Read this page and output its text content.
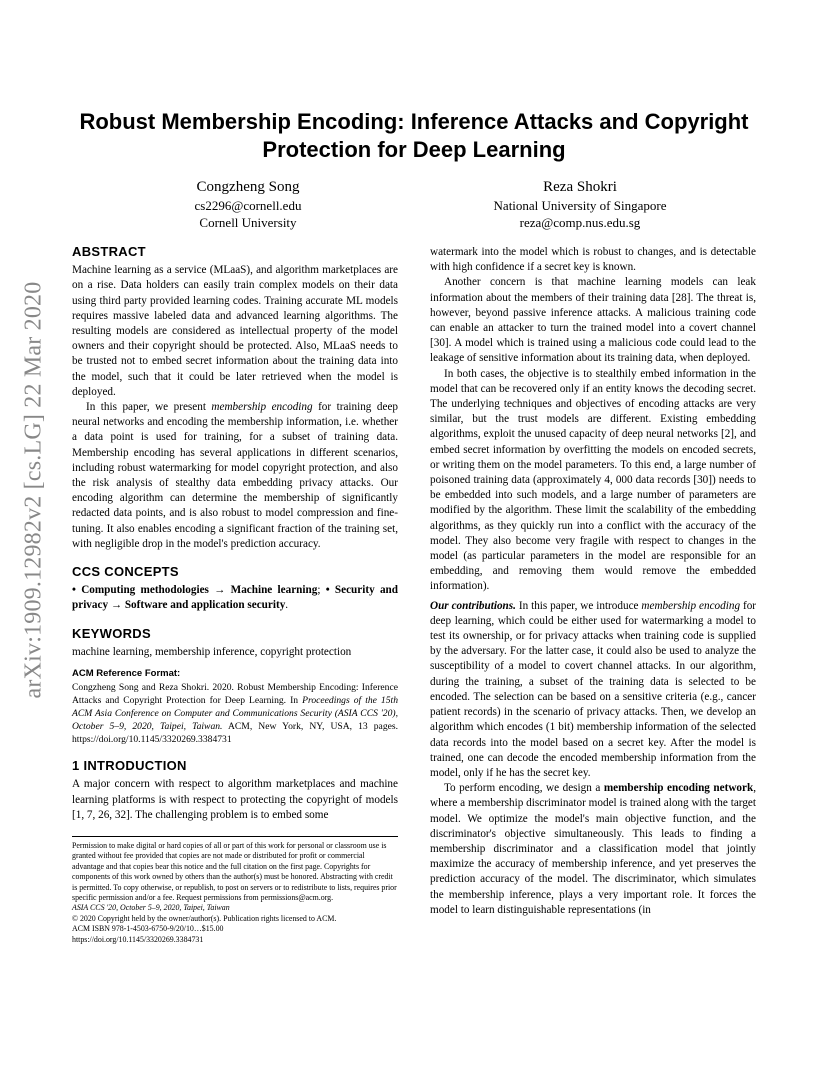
arXiv:1909.12982v2 [cs.LG] 22 Mar 2020
Robust Membership Encoding: Inference Attacks and Copyright
Protection for Deep Learning
Congzheng Song
cs2296@cornell.edu
Cornell University
Reza Shokri
National University of Singapore
reza@comp.nus.edu.sg
ABSTRACT

Machine learning as a service (MLaaS), and algorithm marketplaces are on a rise. Data holders can easily train complex models on their data using third party provided learning codes. Training accurate ML models requires massive labeled data and advanced learning algorithms. The resulting models are considered as intellectual property of the model owners and their copyright should be protected. Also, MLaaS needs to be trusted not to embed secret information about the training data into the model, such that it could be later retrieved when the model is deployed.

In this paper, we present membership encoding for training deep neural networks and encoding the membership information, i.e. whether a data point is used for training, for a subset of training data. Membership encoding has several applications in different scenarios, including robust watermarking for model copyright protection, and also the risk analysis of stealthy data embedding privacy attacks. Our encoding algorithm can determine the membership of significantly redacted data points, and is also robust to model compression and fine-tuning. It also enables encoding a significant fraction of the training set, with negligible drop in the model's prediction accuracy.

CCS CONCEPTS

• Computing methodologies → Machine learning; • Security and privacy → Software and application security.

KEYWORDS

machine learning, membership inference, copyright protection

ACM Reference Format:

Congzheng Song and Reza Shokri. 2020. Robust Membership Encoding: Inference Attacks and Copyright Protection for Deep Learning. In Proceedings of the 15th ACM Asia Conference on Computer and Communications Security (ASIA CCS '20), October 5–9, 2020, Taipei, Taiwan. ACM, New York, NY, USA, 13 pages. https://doi.org/10.1145/3320269.3384731

1 INTRODUCTION

A major concern with respect to algorithm marketplaces and machine learning platforms is with respect to protecting the copyright of models [1, 7, 26, 32]. The challenging problem is to embed some

Permission to make digital or hard copies of all or part of this work for personal or classroom use is granted without fee provided that copies are not made or distributed for profit or commercial advantage and that copies bear this notice and the full citation on the first page. Copyrights for components of this work owned by others than the author(s) must be honored. Abstracting with credit is permitted. To copy otherwise, or republish, to post on servers or to redistribute to lists, requires prior specific permission and/or a fee. Request permissions from permissions@acm.org.

ASIA CCS '20, October 5–9, 2020, Taipei, Taiwan

© 2020 Copyright held by the owner/author(s). Publication rights licensed to ACM.

ACM ISBN 978-1-4503-6750-9/20/10…$15.00

https://doi.org/10.1145/3320269.3384731

watermark into the model which is robust to changes, and is detectable with high confidence if a secret key is known.

Another concern is that machine learning models can leak information about the members of their training data [28]. The threat is, however, beyond passive inference attacks. A malicious training code can enable an attacker to turn the trained model into a covert channel [30]. A model which is trained using a malicious code could lead to the leakage of sensitive information about its training data, when deployed.

In both cases, the objective is to stealthily embed information in the model that can be recovered only if an entity knows the decoding secret. The underlying techniques and objectives of encoding attacks are very similar, but the trust models are different. Existing embedding algorithms, exploit the unused capacity of deep neural networks [2], and embed secret information by overfitting the models on encoded secrets, or writing them on the model parameters. To this end, a large number of poisoned training data (approximately 4, 000 data records [30]) needs to be embedded into such models, and a large number of parameters are modified by the algorithm. These limit the scalability of the embedding algorithms, as they quickly run into a conflict with the accuracy of the model. They also become very fragile with respect to changes in the model (as particular parameters in the model are responsible for an embedding, and removing them would remove the embedded information).

Our contributions. In this paper, we introduce membership encoding for deep learning, which could be either used for watermarking a model to test its ownership, or for privacy attacks when training code is supplied by the adversary. For the latter case, it could also be used to analyze the susceptibility of a model to covert channel attacks. In our algorithm, during the training, a subset of the training data is selected to be encoded. The selection can be based on a sensitive criteria (e.g., cancer patient records) in the scenario of privacy attacks. Then, we develop an algorithm which encodes (1 bit) membership information of the selected data records into the model based on a secret key. After the model is trained, one can decode the encoded membership information from the model, only if he has the secret key.

To perform encoding, we design a membership encoding network, where a membership discriminator model is trained along with the target model. We optimize the model's main objective function, and the discriminator's objective simultaneously. This leads to finding a membership discriminator and a classification model that jointly maximize the accuracy of membership inference, and yet preserves the prediction accuracy of the model. The discriminator, which simulates the membership inference, plays a very important role. It forces the model to learn distinguishable representations (in
